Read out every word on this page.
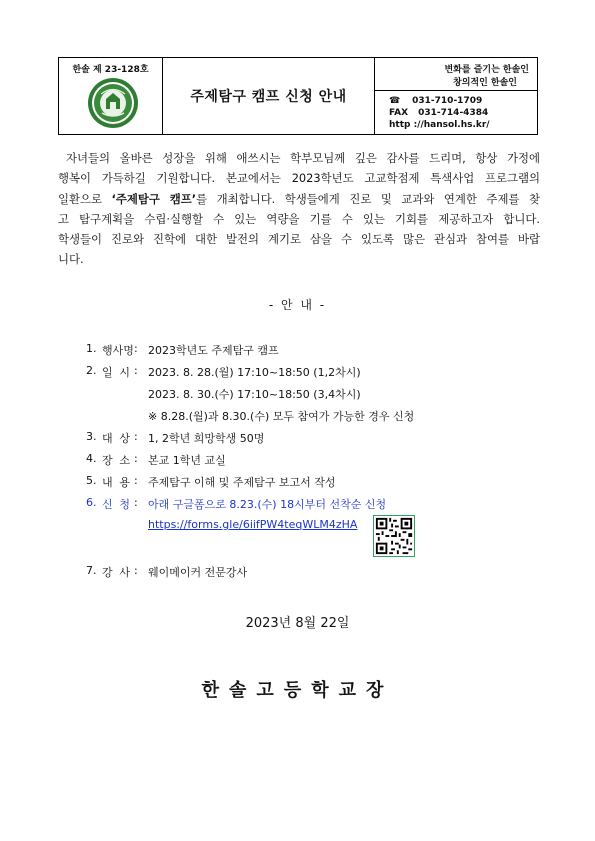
한솔 제 23-128호
주제탐구 캠프 신청 안내
변화를 즐기는 한솔인
창의적인 한솔인
☎ 031-710-1709
FAX 031-714-4384
http ://hansol.hs.kr/
자녀들의 올바른 성장을 위해 애쓰시는 학부모님께 깊은 감사를 드리며, 항상 가정에
행복이 가득하길 기원합니다. 본교에서는 2023학년도 고교학점제 특색사업 프로그램의
일환으로 ‘주제탐구 캠프’를 개최합니다. 학생들에게 진로 및 교과와 연계한 주제를 찾
고 탐구계획을 수립·실행할 수 있는 역량을 기를 수 있는 기회를 제공하고자 합니다.
학생들이 진로와 진학에 대한 발전의 계기로 삼을 수 있도록 많은 관심과 참여를 바랍
니다.
- 안 내 -
1. 행사명 : 2023학년도 주제탐구 캠프
2. 일 시 : 2023. 8. 28.(월) 17:10~18:50 (1,2차시)
2023. 8. 30.(수) 17:10~18:50 (3,4차시)
※ 8.28.(월)과 8.30.(수) 모두 참여가 가능한 경우 신청
3. 대 상 : 1, 2학년 희망학생 50명
4. 장 소 : 본교 1학년 교실
5. 내 용 : 주제탐구 이해 및 주제탐구 보고서 작성
6. 신 청 : 아래 구글폼으로 8.23.(수) 18시부터 선착순 신청
https://forms.gle/6iifPW4teqWLM4zHA
7. 강 사 : 웨이메이커 전문강사
2023년 8월 22일
한솔고등학교장
